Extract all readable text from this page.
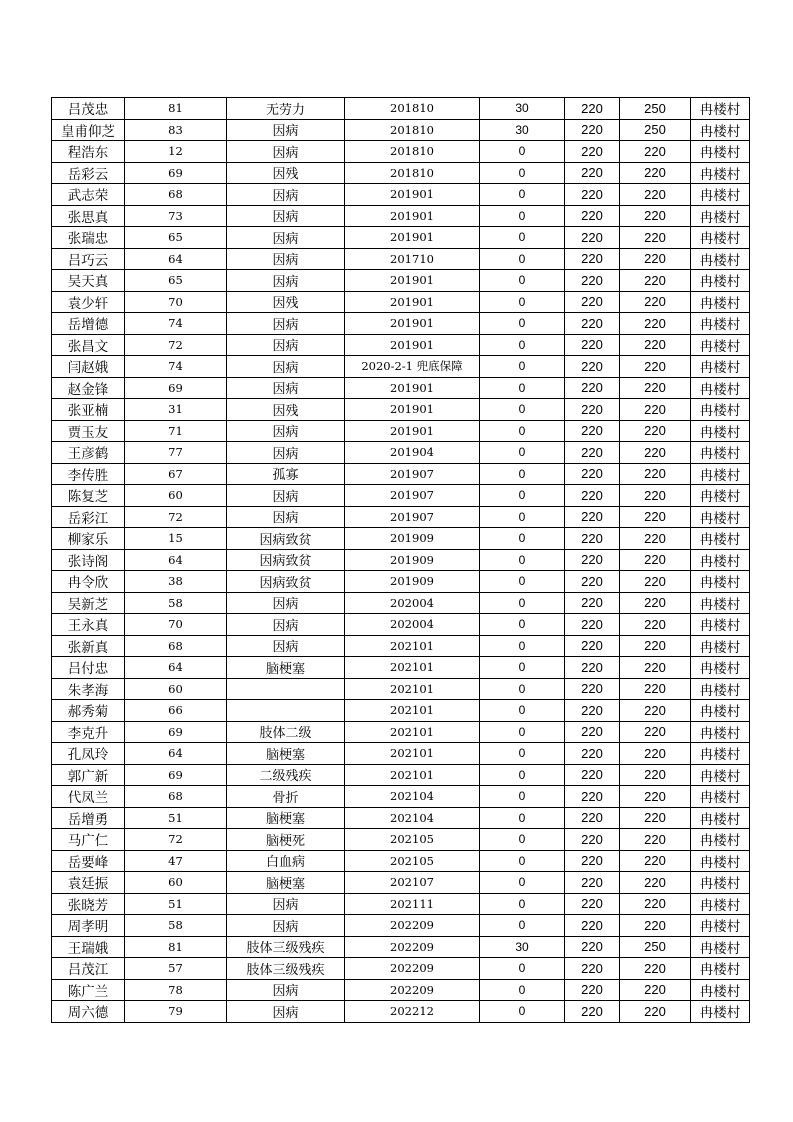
吕茂忠	81	无劳力	201810	30	220	250	冉楼村
皇甫仰芝	83	因病	201810	30	220	250	冉楼村
程浩东	12	因病	201810	0	220	220	冉楼村
岳彩云	69	因残	201810	0	220	220	冉楼村
武志荣	68	因病	201901	0	220	220	冉楼村
张思真	73	因病	201901	0	220	220	冉楼村
张瑞忠	65	因病	201901	0	220	220	冉楼村
吕巧云	64	因病	201710	0	220	220	冉楼村
吴天真	65	因病	201901	0	220	220	冉楼村
袁少轩	70	因残	201901	0	220	220	冉楼村
岳增德	74	因病	201901	0	220	220	冉楼村
张昌文	72	因病	201901	0	220	220	冉楼村
闫赵娥	74	因病	2020-2-1 兜底保障	0	220	220	冉楼村
赵金锋	69	因病	201901	0	220	220	冉楼村
张亚楠	31	因残	201901	0	220	220	冉楼村
贾玉友	71	因病	201901	0	220	220	冉楼村
王彦鹤	77	因病	201904	0	220	220	冉楼村
李传胜	67	孤寡	201907	0	220	220	冉楼村
陈复芝	60	因病	201907	0	220	220	冉楼村
岳彩江	72	因病	201907	0	220	220	冉楼村
柳家乐	15	因病致贫	201909	0	220	220	冉楼村
张诗阁	64	因病致贫	201909	0	220	220	冉楼村
冉令欣	38	因病致贫	201909	0	220	220	冉楼村
吴新芝	58	因病	202004	0	220	220	冉楼村
王永真	70	因病	202004	0	220	220	冉楼村
张新真	68	因病	202101	0	220	220	冉楼村
吕付忠	64	脑梗塞	202101	0	220	220	冉楼村
朱孝海	60		202101	0	220	220	冉楼村
郝秀菊	66		202101	0	220	220	冉楼村
李克升	69	肢体二级	202101	0	220	220	冉楼村
孔凤玲	64	脑梗塞	202101	0	220	220	冉楼村
郭广新	69	二级残疾	202101	0	220	220	冉楼村
代凤兰	68	骨折	202104	0	220	220	冉楼村
岳增勇	51	脑梗塞	202104	0	220	220	冉楼村
马广仁	72	脑梗死	202105	0	220	220	冉楼村
岳要峰	47	白血病	202105	0	220	220	冉楼村
袁廷振	60	脑梗塞	202107	0	220	220	冉楼村
张晓芳	51	因病	202111	0	220	220	冉楼村
周孝明	58	因病	202209	0	220	220	冉楼村
王瑞娥	81	肢体三级残疾	202209	30	220	250	冉楼村
吕茂江	57	肢体三级残疾	202209	0	220	220	冉楼村
陈广兰	78	因病	202209	0	220	220	冉楼村
周六德	79	因病	202212	0	220	220	冉楼村
